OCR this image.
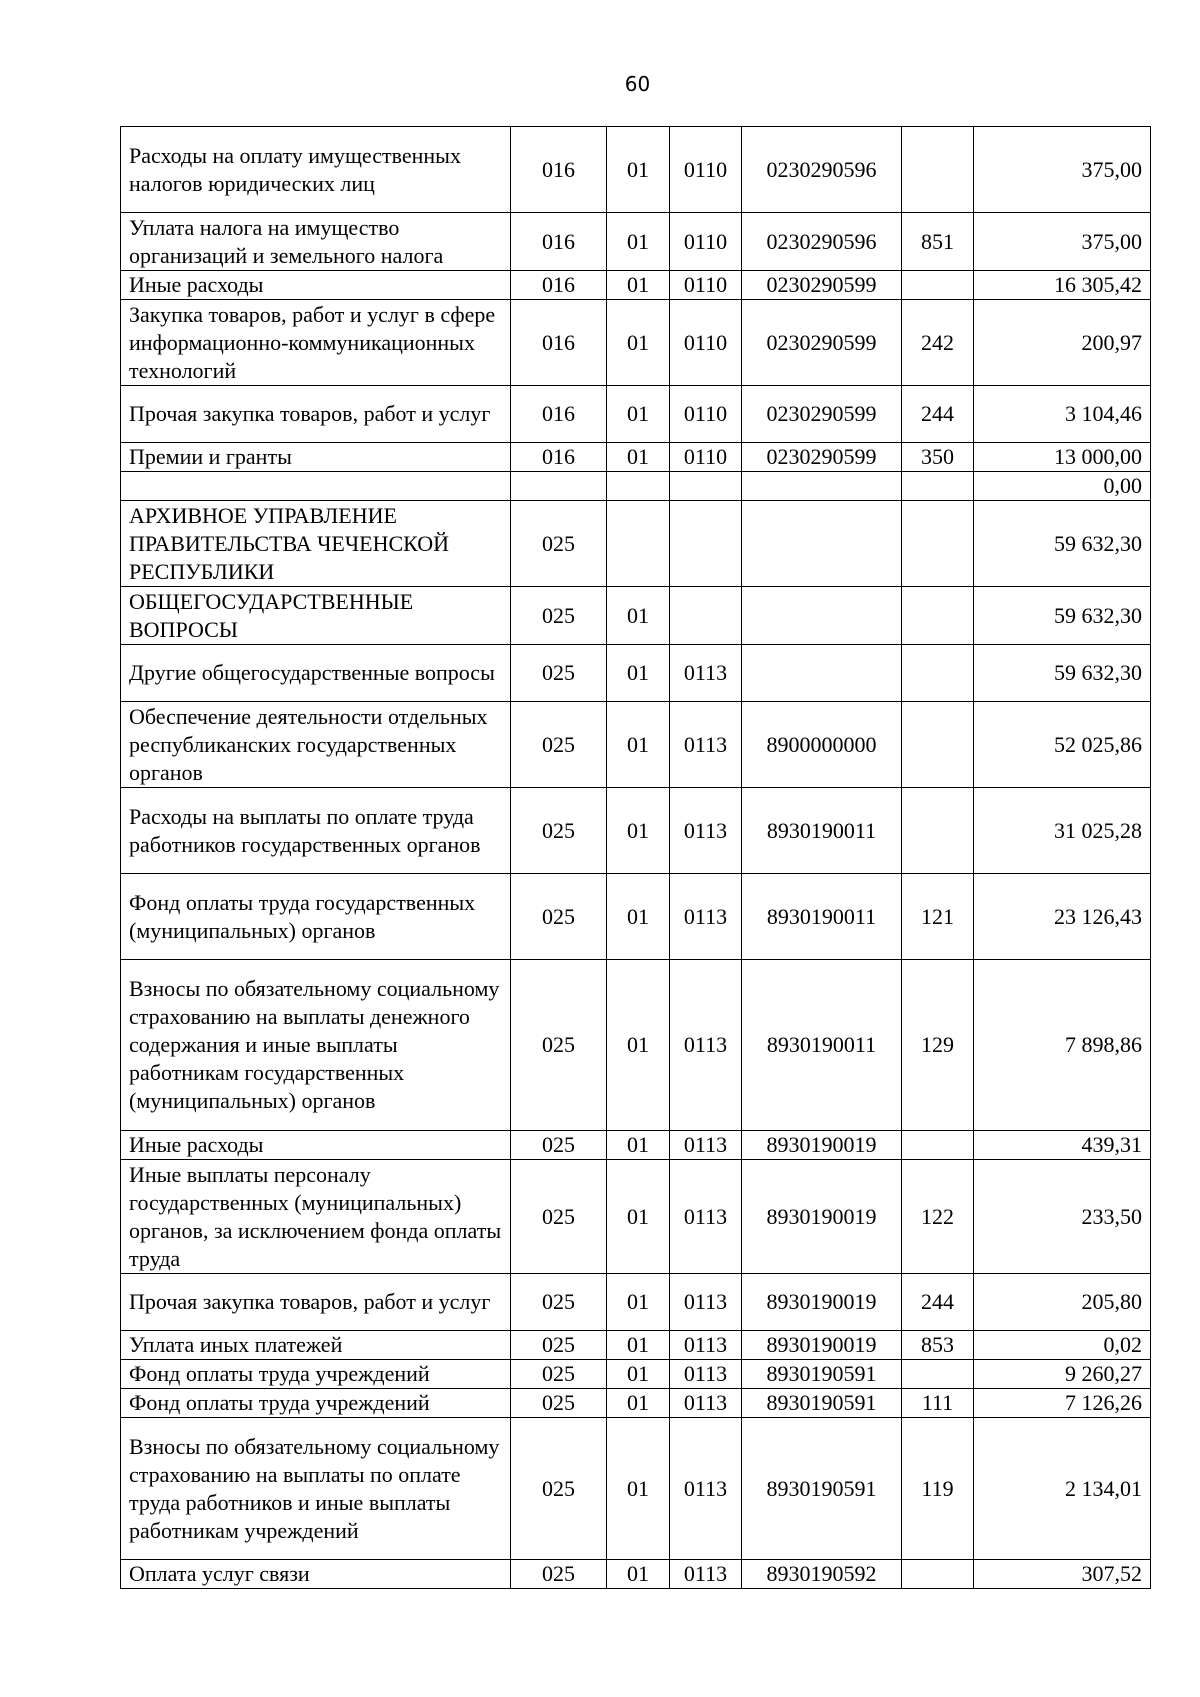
60
Расходы на оплату имущественных налогов юридических лиц	016	01	0110	0230290596		375,00
Уплата налога на имущество организаций и земельного налога	016	01	0110	0230290596	851	375,00
Иные расходы	016	01	0110	0230290599		16 305,42
Закупка товаров, работ и услуг в сфере информационно-коммуникационных технологий	016	01	0110	0230290599	242	200,97
Прочая закупка товаров, работ и услуг	016	01	0110	0230290599	244	3 104,46
Премии и гранты	016	01	0110	0230290599	350	13 000,00
						0,00
АРХИВНОЕ УПРАВЛЕНИЕ ПРАВИТЕЛЬСТВА ЧЕЧЕНСКОЙ РЕСПУБЛИКИ	025					59 632,30
ОБЩЕГОСУДАРСТВЕННЫЕ ВОПРОСЫ	025	01				59 632,30
Другие общегосударственные вопросы	025	01	0113			59 632,30
Обеспечение деятельности отдельных республиканских государственных органов	025	01	0113	8900000000		52 025,86
Расходы на выплаты по оплате труда работников государственных органов	025	01	0113	8930190011		31 025,28
Фонд оплаты труда государственных (муниципальных) органов	025	01	0113	8930190011	121	23 126,43
Взносы по обязательному социальному страхованию на выплаты денежного содержания и иные выплаты работникам государственных (муниципальных) органов	025	01	0113	8930190011	129	7 898,86
Иные расходы	025	01	0113	8930190019		439,31
Иные выплаты персоналу государственных (муниципальных) органов, за исключением фонда оплаты труда	025	01	0113	8930190019	122	233,50
Прочая закупка товаров, работ и услуг	025	01	0113	8930190019	244	205,80
Уплата иных платежей	025	01	0113	8930190019	853	0,02
Фонд оплаты труда учреждений	025	01	0113	8930190591		9 260,27
Фонд оплаты труда учреждений	025	01	0113	8930190591	111	7 126,26
Взносы по обязательному социальному страхованию на выплаты по оплате труда работников и иные выплаты работникам учреждений	025	01	0113	8930190591	119	2 134,01
Оплата услуг связи	025	01	0113	8930190592		307,52
